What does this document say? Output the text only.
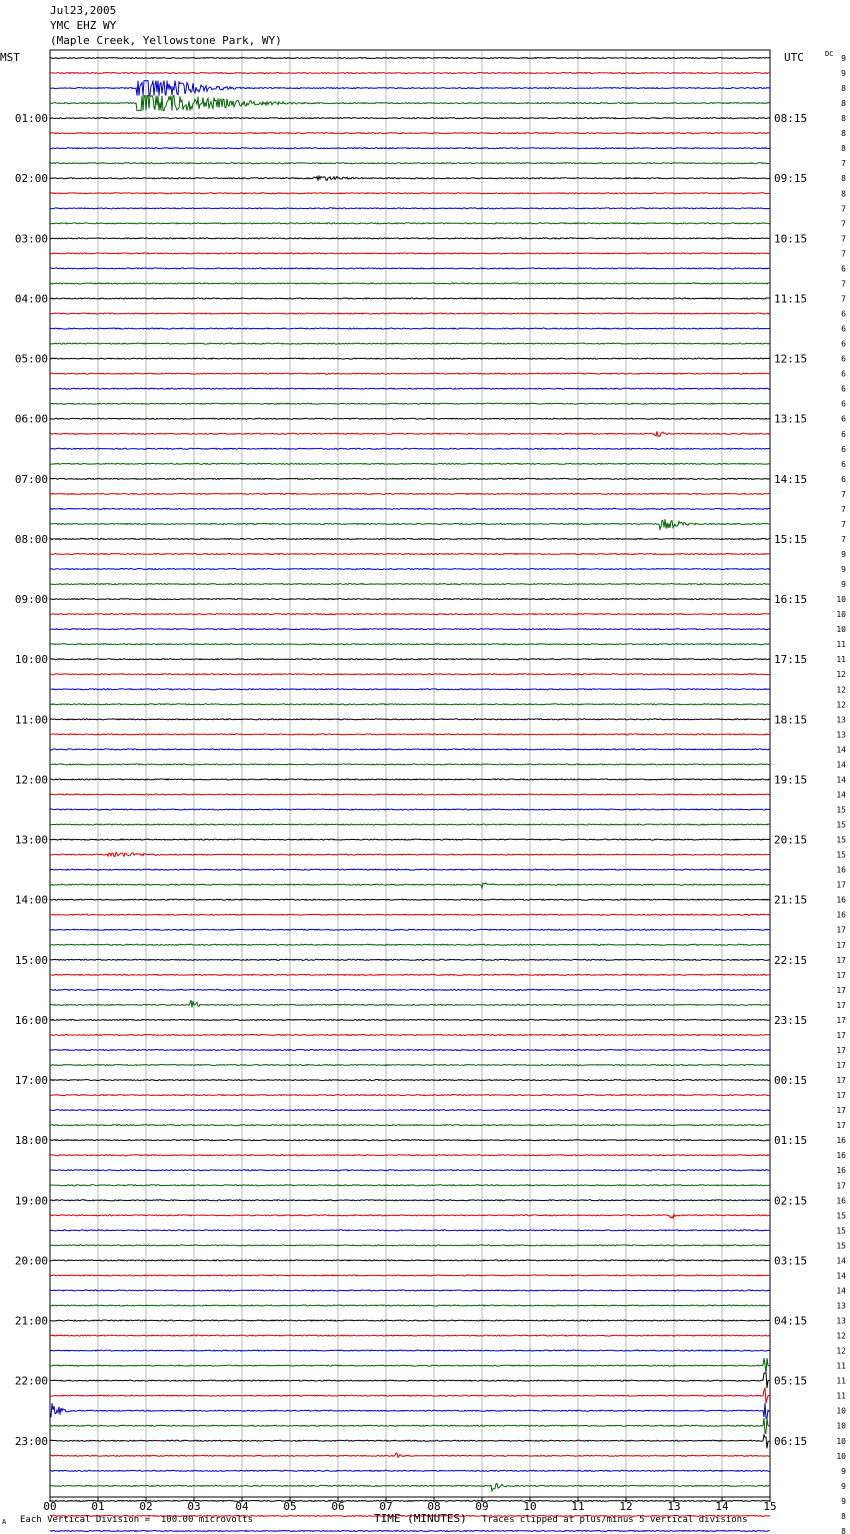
Jul23,2005
YMC EHZ WY
(Maple Creek, Yellowstone Park, WY)
00	01	02	03	04	05	06	07	08	09	10	11	12	13	14	15
9
9
8
8
01:00	08:15	8
8
8
7
02:00	09:15	8
8
7
7
03:00	10:15	7
7
6
7
04:00	11:15	7
6
6
6
05:00	12:15	6
6
6
6
06:00	13:15	6
6
6
6
07:00	14:15	6
7
7
7
08:00	15:15	7
9
9
9
09:00	16:15	10
10
10
11
10:00	17:15	11
12
12
12
11:00	18:15	13
13
14
14
12:00	19:15	14
14
15
15
13:00	20:15	15
15
16
17
14:00	21:15	16
16
17
17
15:00	22:15	17
17
17
17
16:00	23:15	17
17
17
17
17:00	00:15	17
17
17
17
18:00	01:15	16
16
16
17
19:00	02:15	16
15
15
15
20:00	03:15	14
14
14
13
21:00	04:15	13
12
12
11
22:00	05:15	11
11
10
10
23:00	06:15	10
10
9
9
9
8
8
MST	UTC	DC
Each Vertical Division =  100.00 microvolts	TIME (MINUTES) Traces clipped at plus/minus 5 vertical divisions
A
